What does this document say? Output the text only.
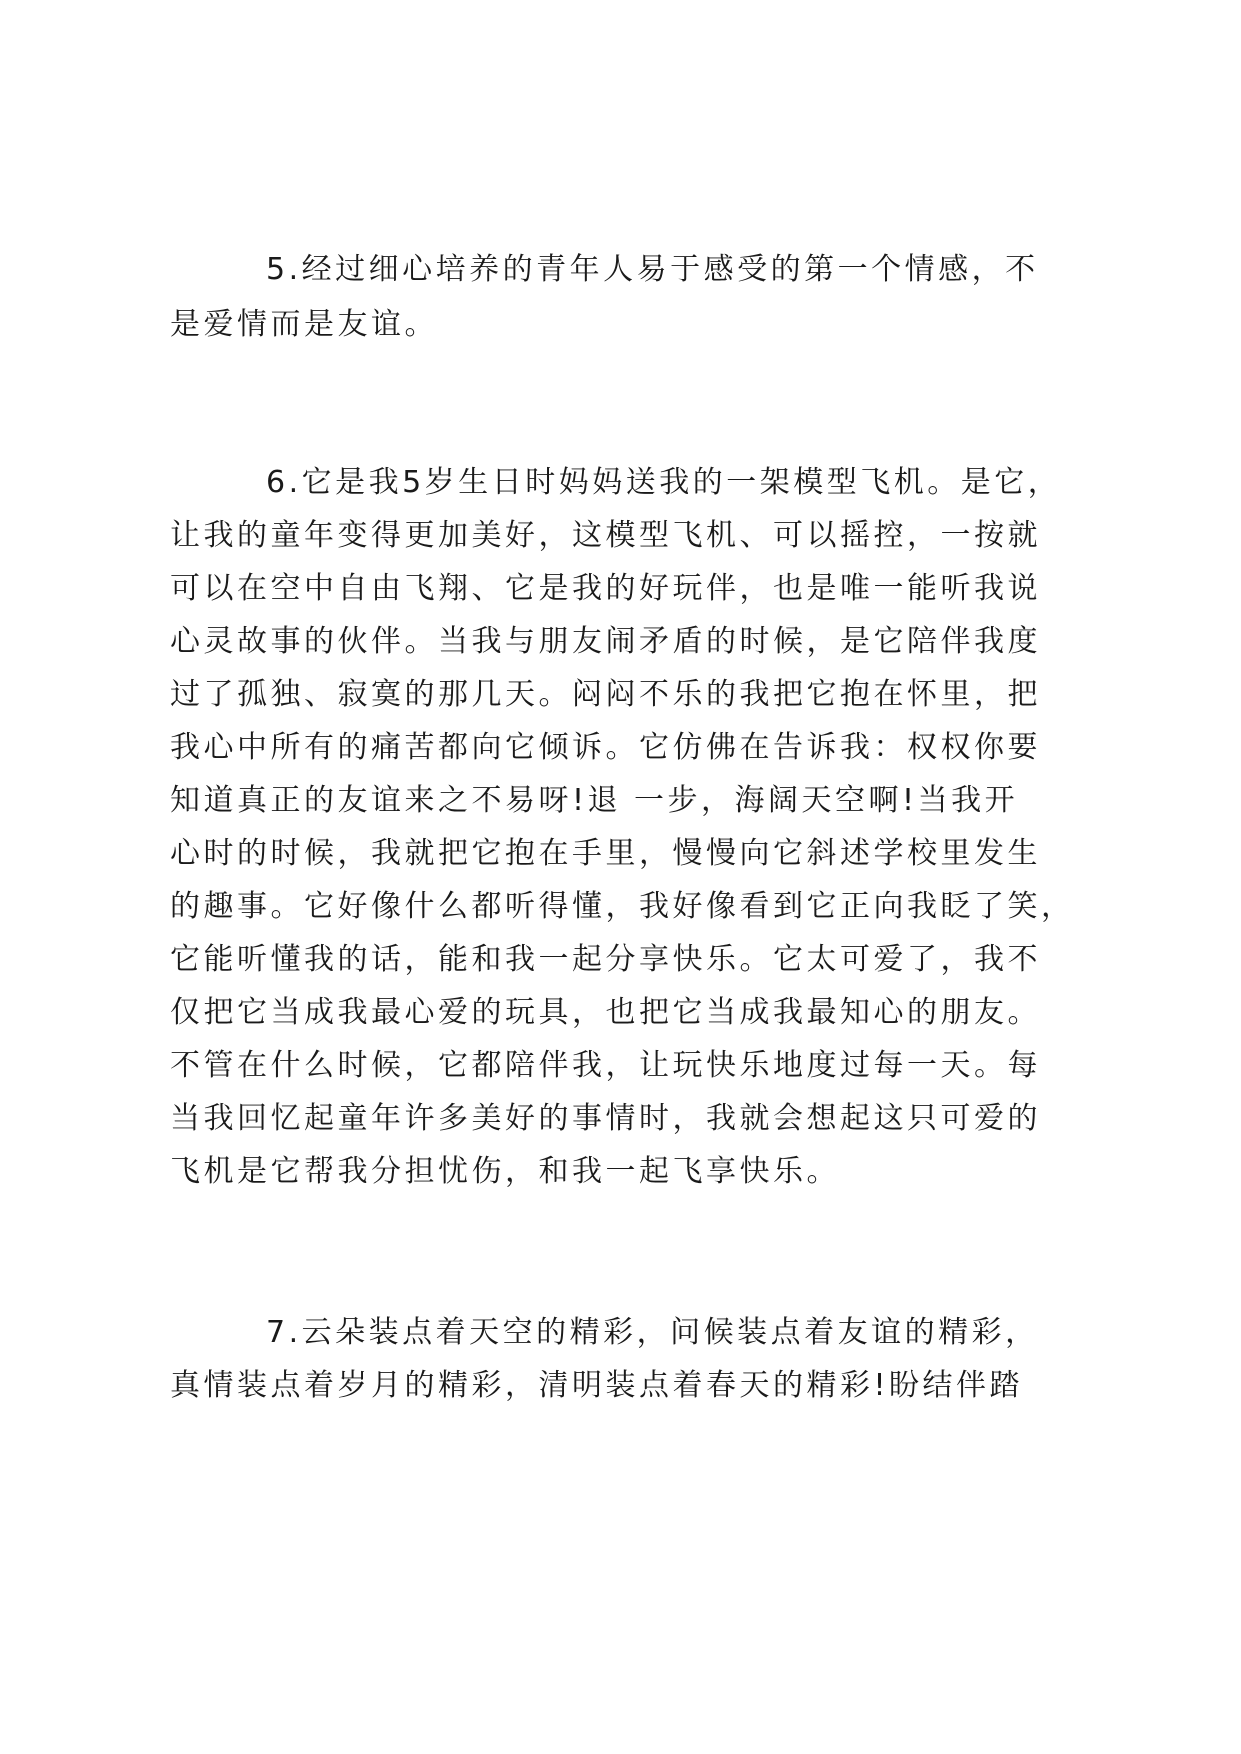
5.经过细心培养的青年人易于感受的第一个情感，不
是爱情而是友谊。
6.它是我5岁生日时妈妈送我的一架模型飞机。是它，
让我的童年变得更加美好，这模型飞机、可以摇控，一按就
可以在空中自由飞翔、它是我的好玩伴，也是唯一能听我说
心灵故事的伙伴。当我与朋友闹矛盾的时候，是它陪伴我度
过了孤独、寂寞的那几天。闷闷不乐的我把它抱在怀里，把
我心中所有的痛苦都向它倾诉。它仿佛在告诉我：权权你要
知道真正的友谊来之不易呀!退 一步，海阔天空啊!当我开
心时的时候，我就把它抱在手里，慢慢向它斜述学校里发生
的趣事。它好像什么都听得懂，我好像看到它正向我眨了笑，
它能听懂我的话，能和我一起分享快乐。它太可爱了，我不
仅把它当成我最心爱的玩具，也把它当成我最知心的朋友。
不管在什么时候，它都陪伴我，让玩快乐地度过每一天。每
当我回忆起童年许多美好的事情时，我就会想起这只可爱的
飞机是它帮我分担忧伤，和我一起飞享快乐。
7.云朵装点着天空的精彩，问候装点着友谊的精彩，
真情装点着岁月的精彩，清明装点着春天的精彩!盼结伴踏
